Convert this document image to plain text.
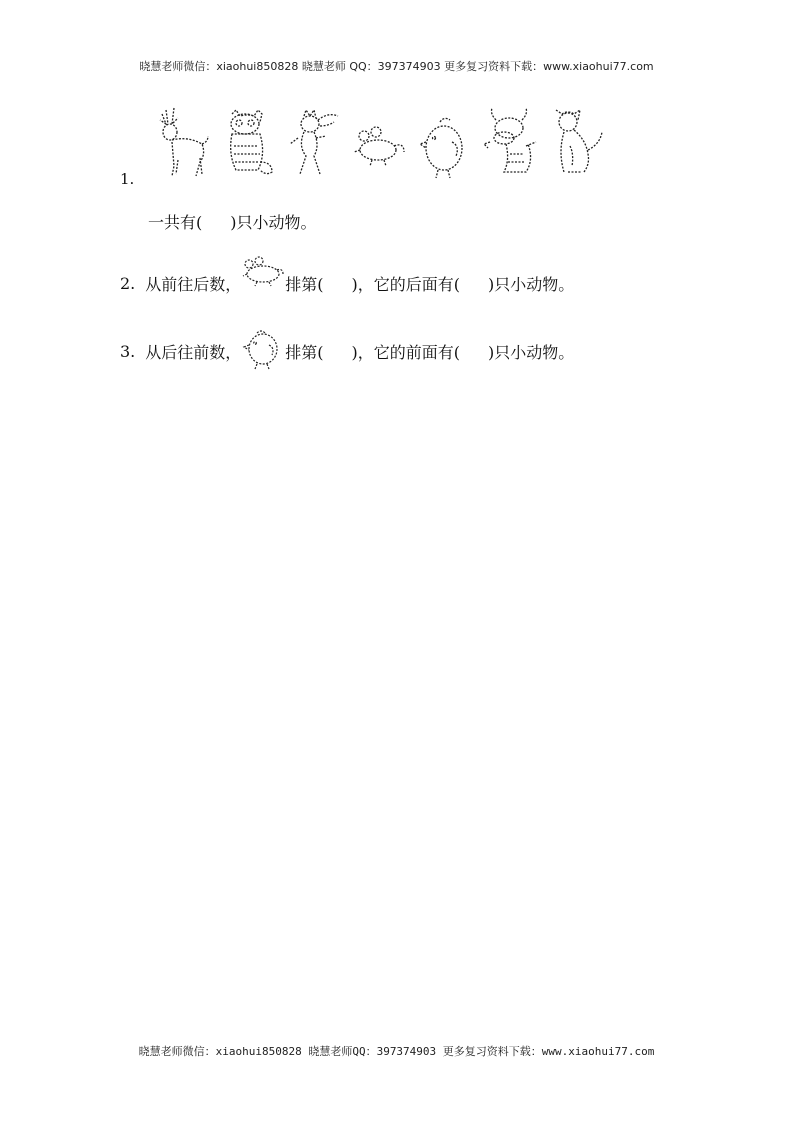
晓慧老师微信：xiaohui850828 晓慧老师 QQ：397374903 更多复习资料下载：www.xiaohui77.com
1.
一共有( )只小动物。
2. 从前往后数，	排第( )，它的后面有( )只小动物。
3. 从后往前数，	排第( )，它的前面有( )只小动物。
晓慧老师微信：xiaohui850828 晓慧老师QQ：397374903 更多复习资料下载：www.xiaohui77.com
